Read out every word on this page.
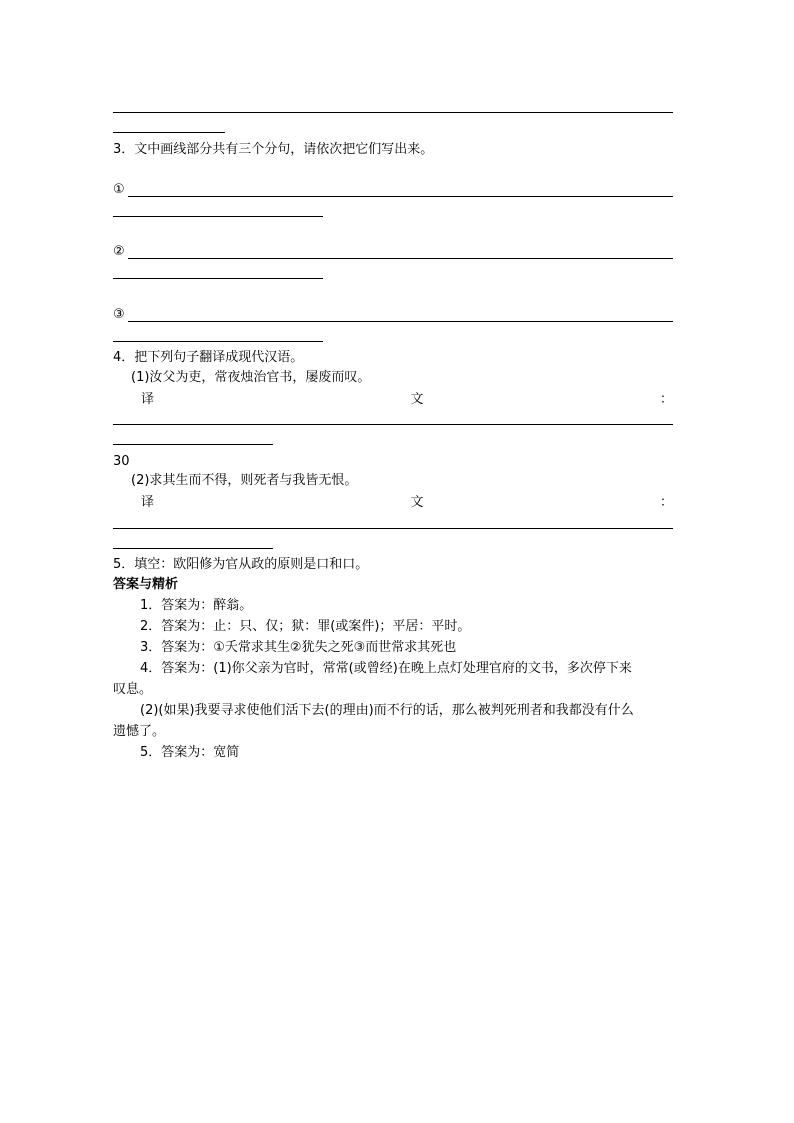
3．文中画线部分共有三个分句，请依次把它们写出来。
①
②
③
4．把下列句子翻译成现代汉语。
(1)汝父为吏，常夜烛治官书，屡废而叹。
译	文	：
30
(2)求其生而不得，则死者与我皆无恨。
译	文	：
5．填空：欧阳修为官从政的原则是口和口。
答案与精析
1．答案为：醉翁。
2．答案为：止：只、仅；狱：罪(或案件)；平居：平时。
3．答案为：①夭常求其生②犹失之死③而世常求其死也
4．答案为：(1)你父亲为官时，常常(或曾经)在晚上点灯处理官府的文书，多次停下来
叹息。
(2)(如果)我要寻求使他们活下去(的理由)而不行的话，那么被判死刑者和我都没有什么
遗憾了。
5．答案为：宽简
